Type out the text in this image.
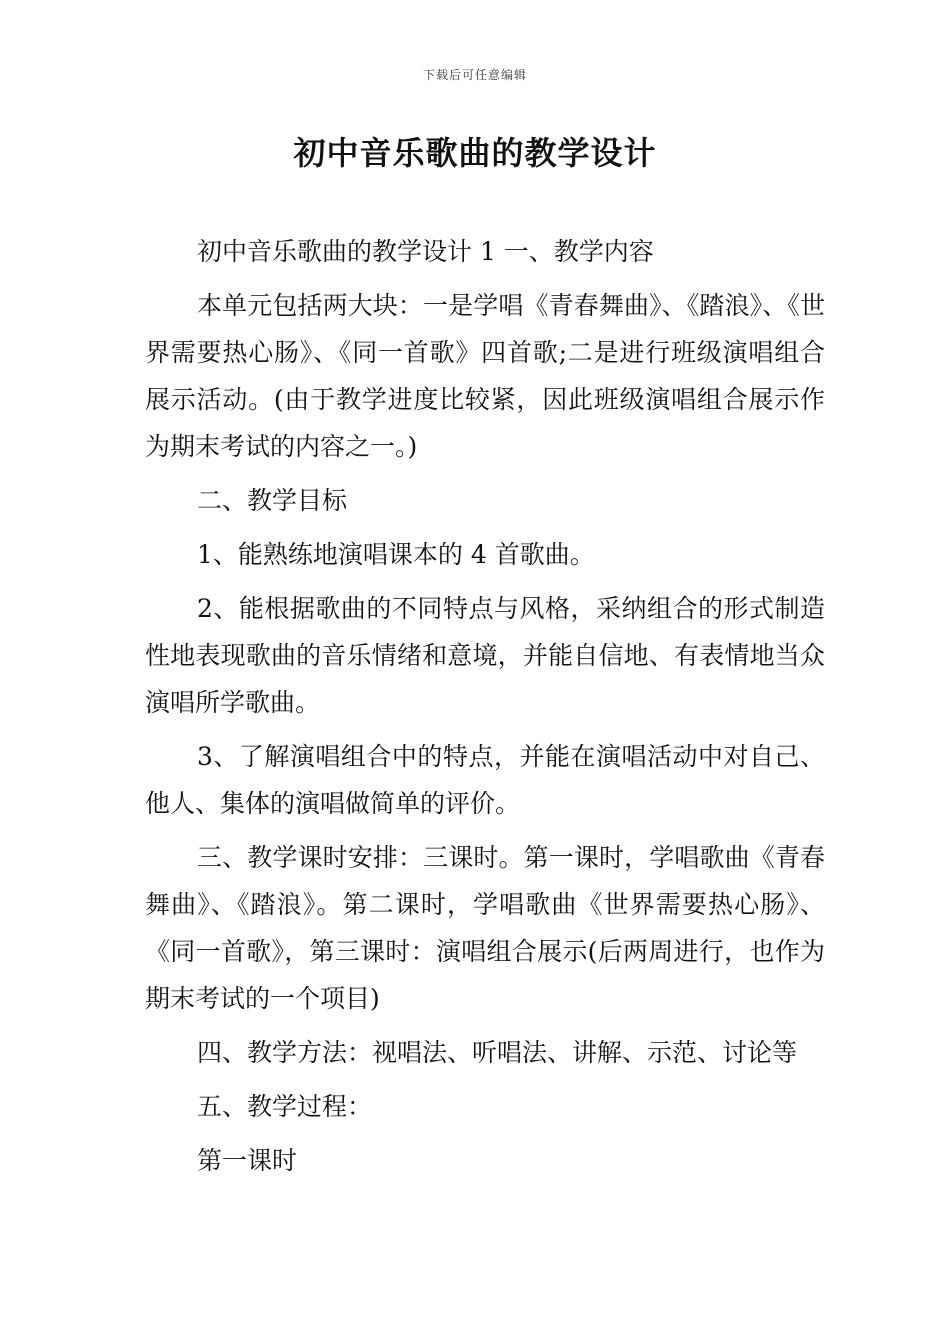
下载后可任意编辑
初中音乐歌曲的教学设计

初中音乐歌曲的教学设计 1 一、教学内容

本单元包括两大块：一是学唱《青春舞曲》、《踏浪》、《世界需要热心肠》、《同一首歌》四首歌;二是进行班级演唱组合展示活动。(由于教学进度比较紧，因此班级演唱组合展示作为期末考试的内容之一。)

二、教学目标

1、能熟练地演唱课本的 4 首歌曲。

2、能根据歌曲的不同特点与风格，采纳组合的形式制造性地表现歌曲的音乐情绪和意境，并能自信地、有表情地当众演唱所学歌曲。

3、了解演唱组合中的特点，并能在演唱活动中对自己、他人、集体的演唱做简单的评价。

三、教学课时安排：三课时。第一课时，学唱歌曲《青春舞曲》、《踏浪》。第二课时，学唱歌曲《世界需要热心肠》、《同一首歌》，第三课时：演唱组合展示(后两周进行，也作为期末考试的一个项目)

四、教学方法：视唱法、听唱法、讲解、示范、讨论等

五、教学过程：

第一课时
